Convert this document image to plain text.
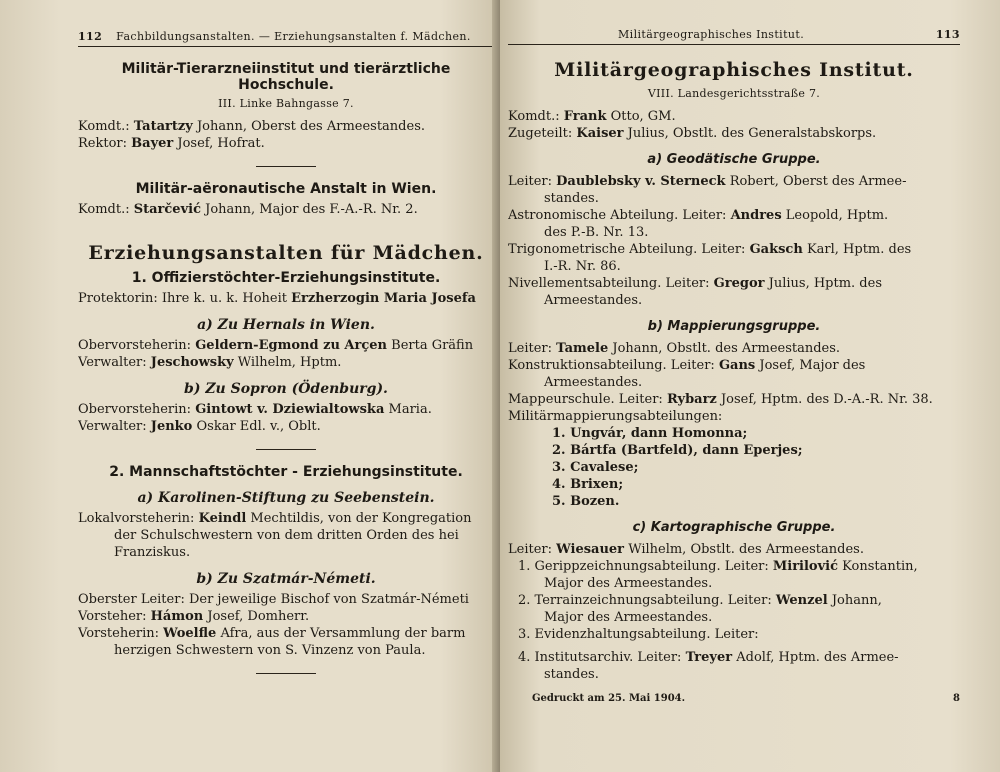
112 Fachbildungsanstalten. — Erziehungsanstalten f. Mädchen.
Militär-Tierarzneiinstitut und tierärztliche Hochschule.
III. Linke Bahngasse 7.
Komdt.: Tatartzy Johann, Oberst des Armeestandes.
Rektor: Bayer Josef, Hofrat.
Militär-aëronautische Anstalt in Wien.
Komdt.: Starčević Johann, Major des F.-A.-R. Nr. 2.
Erziehungsanstalten für Mädchen.
1. Offizierstöchter-Erziehungsinstitute.
Protektorin: Ihre k. u. k. Hoheit Erzherzogin Maria Josefa
a) Zu Hernals in Wien.
Obervorsteherin: Geldern-Egmond zu Arçen Berta Gräfin
Verwalter: Jeschowsky Wilhelm, Hptm.
b) Zu Sopron (Ödenburg).
Obervorsteherin: Gintowt v. Dziewialtowska Maria.
Verwalter: Jenko Oskar Edl. v., Oblt.
2. Mannschaftstöchter - Erziehungsinstitute.
a) Karolinen-Stiftung zu Seebenstein.
Lokalvorsteherin: Keindl Mechtildis, von der Kongregation
der Schulschwestern von dem dritten Orden des hei
Franziskus.
b) Zu Szatmár-Németi.
Oberster Leiter: Der jeweilige Bischof von Szatmár-Németi
Vorsteher: Hámon Josef, Domherr.
Vorsteherin: Woelfle Afra, aus der Versammlung der barm
herzigen Schwestern von S. Vinzenz von Paula.
Militärgeographisches Institut.	113
Militärgeographisches Institut.
VIII. Landesgerichtsstraße 7.
Komdt.: Frank Otto, GM.
Zugeteilt: Kaiser Julius, Obstlt. des Generalstabskorps.
a) Geodätische Gruppe.
Leiter: Daublebsky v. Sterneck Robert, Oberst des Armee-
standes.
Astronomische Abteilung. Leiter: Andres Leopold, Hptm.
des P.-B. Nr. 13.
Trigonometrische Abteilung. Leiter: Gaksch Karl, Hptm. des
I.-R. Nr. 86.
Nivellementsabteilung. Leiter: Gregor Julius, Hptm. des
Armeestandes.
b) Mappierungsgruppe.
Leiter: Tamele Johann, Obstlt. des Armeestandes.
Konstruktionsabteilung. Leiter: Gans Josef, Major des
Armeestandes.
Mappeurschule. Leiter: Rybarz Josef, Hptm. des D.-A.-R. Nr. 38.
Militärmappierungsabteilungen:
1. Ungvár, dann Homonna;
2. Bártfa (Bartfeld), dann Eperjes;
3. Cavalese;
4. Brixen;
5. Bozen.
c) Kartographische Gruppe.
Leiter: Wiesauer Wilhelm, Obstlt. des Armeestandes.
1. Gerippzeichnungsabteilung. Leiter: Mirilović Konstantin,
Major des Armeestandes.
2. Terrainzeichnungsabteilung. Leiter: Wenzel Johann,
Major des Armeestandes.
3. Evidenzhaltungsabteilung. Leiter:
4. Institutsarchiv. Leiter: Treyer Adolf, Hptm. des Armee-
standes.
Gedruckt am 25. Mai 1904.	8
